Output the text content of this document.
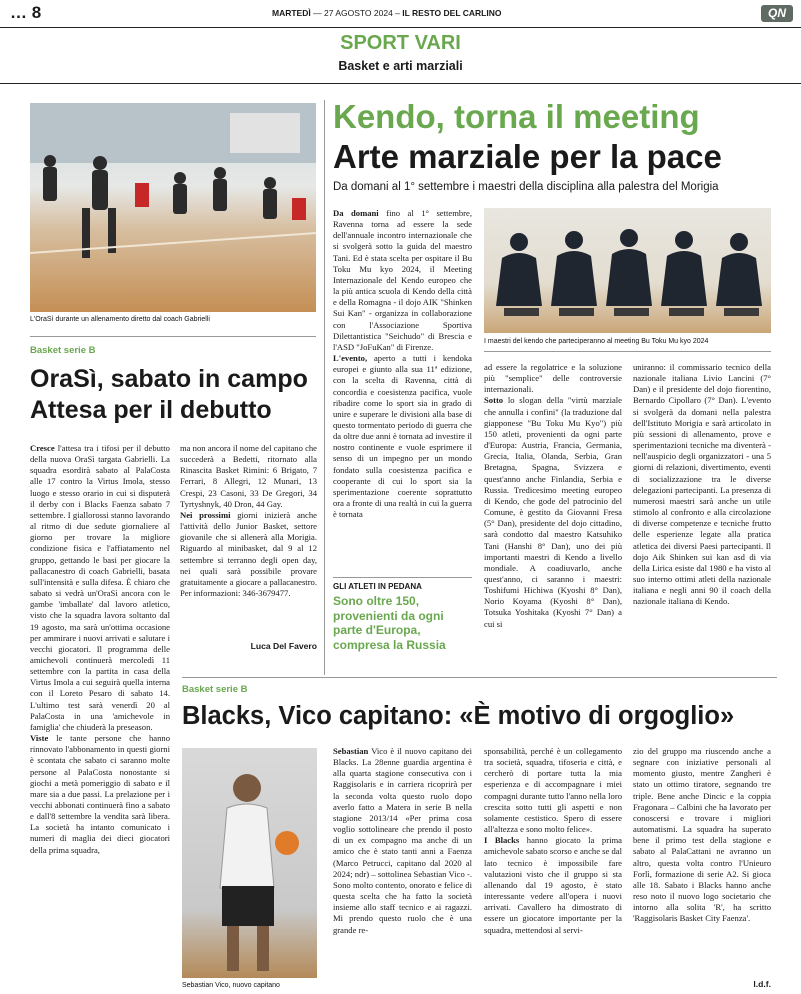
… 8	MARTEDÌ — 27 AGOSTO 2024 – IL RESTO DEL CARLINO	QN
SPORT VARI
Basket e arti marziali
L'OraSì durante un allenamento diretto dal coach Gabrielli
Basket serie B
OraSì, sabato in campo
Attesa per il debutto

Cresce l'attesa tra i tifosi per il debutto della nuova OraSì targata Gabrielli. La squadra esordirà sabato al PalaCosta alle 17 contro la Virtus Imola, stesso luogo e stesso orario in cui si disputerà il derby con i Blacks Faenza sabato 7 settembre. I giallorossi stanno lavorando al ritmo di due sedute giornaliere al giorno per trovare la migliore condizione fisica e l'affiatamento nel gruppo, gettando le basi per giocare la pallacanestro di coach Gabrielli, basata sull'intensità e sulla difesa. È chiaro che sabato si vedrà un'OraSì ancora con le gambe 'imballate' dal lavoro atletico, visto che la squadra lavora soltanto dal 19 agosto, ma sarà un'ottima occasione per ammirare i nuovi arrivati e salutare i vecchi giocatori. Il programma delle amichevoli continuerà mercoledì 11 settembre con la partita in casa della Virtus Imola a cui seguirà quella interna con il Loreto Pesaro di sabato 14. L'ultimo test sarà venerdì 20 al PalaCosta in una 'amichevole in famiglia' che chiuderà la preseason.

Viste le tante persone che hanno rinnovato l'abbonamento in questi giorni è scontata che sabato ci saranno molte persone al PalaCosta nonostante si giochi a metà pomeriggio di sabato e il mare sia a due passi. La prelazione per i vecchi abbonati continuerà fino a sabato e dall'8 settembre la vendita sarà libera. La società ha intanto comunicato i numeri di maglia dei dieci giocatori della prima squadra,

ma non ancora il nome del capitano che succederà a Bedetti, ritornato alla Rinascita Basket Rimini: 6 Brigato, 7 Ferrari, 8 Allegri, 12 Munari, 13 Crespi, 23 Casoni, 33 De Gregori, 34 Tyrtyshnyk, 40 Dron, 44 Gay.

Nei prossimi giorni inizierà anche l'attività dello Junior Basket, settore giovanile che si allenerà alla Morigia. Riguardo al minibasket, dal 9 al 12 settembre si terranno degli open day, nei quali sarà possibile provare gratuitamente a giocare a pallacanestro. Per informazioni: 346-3679477.

Luca Del Favero
Kendo, torna il meeting
Arte marziale per la pace
Da domani al 1° settembre i maestri della disciplina alla palestra del Morigia

Da domani fino al 1° settembre, Ravenna torna ad essere la sede dell'annuale incontro internazionale che si svolgerà sotto la guida del maestro Tani. Ed è stata scelta per ospitare il Bu Toku Mu kyo 2024, il Meeting Internazionale del Kendo europeo che la più antica scuola di Kendo della città e della Romagna - il dojo AIK "Shinken Sui Kan" - organizza in collaborazione con l'Associazione Sportiva Dilettantistica "Seichudo" di Brescia e l'ASD "JoFuKan" di Firenze.

L'evento, aperto a tutti i kendoka europei e giunto alla sua 11ª edizione, con la scelta di Ravenna, città di concordia e coesistenza pacifica, vuole ribadire come lo sport sia in grado di unire e superare le divisioni alla base di questo tormentato periodo di guerra che da oltre due anni è tornata ad investire il nostro continente e vuole esprimere il senso di un impegno per un mondo fondato sulla coesistenza pacifica e cooperante di cui lo sport sia la sperimentazione coerente soprattutto ora a fronte di una realtà in cui la guerra è tornata

I maestri del kendo che parteciperanno al meeting Bu Toku Mu kyo 2024

ad essere la regolatrice e la soluzione più "semplice" delle controversie internazionali.

Sotto lo slogan della "virtù marziale che annulla i confini" (la traduzione dal giapponese "Bu Toku Mu Kyo") più 150 atleti, provenienti da ogni parte d'Europa: Austria, Francia, Germania, Grecia, Italia, Olanda, Serbia, Gran Bretagna, Spagna, Svizzera e quest'anno anche Finlandia, Serbia e Russia. Tredicesimo meeting europeo di Kendo, che gode del patrocinio del Comune, è gestito da Giovanni Fresa (5° Dan), presidente del dojo cittadino, sarà condotto dal maestro Katsuhiko Tani (Hanshi 8° Dan), uno dei più importanti maestri di Kendo a livello mondiale. A coadiuvarlo, anche quest'anno, ci saranno i maestri: Toshifumi Hichiwa (Kyoshi 8° Dan), Norio Koyama (Kyoshi 8° Dan), Totsuka Yoshitaka (Kyoshi 7° Dan) a cui si

uniranno: il commissario tecnico della nazionale italiana Livio Lancini (7° Dan) e il presidente del dojo fiorentino, Bernardo Cipollaro (7° Dan). L'evento si svolgerà da domani nella palestra dell'Istituto Morigia e sarà articolato in più sessioni di allenamento, prove e sperimentazioni tecniche ma diventerà - nell'auspicio degli organizzatori - una 5 giorni di relazioni, divertimento, eventi di socializzazione tra le diverse delegazioni partecipanti. La presenza di numerosi maestri sarà anche un utile stimolo al confronto e alla circolazione di diverse competenze e tecniche frutto delle esperienze legate alla pratica atletica dei diversi Paesi partecipanti. Il dojo Aik Shinken sui kan asd di via della Lirica esiste dal 1980 e ha visto al suo interno ottimi atleti della nazionale italiana e negli anni 90 il coach della nazionale italiana di Kendo.

GLI ATLETI IN PEDANA
Sono oltre 150, provenienti da ogni parte d'Europa, compresa la Russia
Basket serie B
Blacks, Vico capitano: «È motivo di orgoglio»
Sebastian Vico, nuovo capitano

Sebastian Vico è il nuovo capitano dei Blacks. La 28enne guardia argentina è alla quarta stagione consecutiva con i Raggisolaris e in carriera ricoprirà per la seconda volta questo ruolo dopo averlo fatto a Matera in serie B nella stagione 2013/14 «Per prima cosa voglio sottolineare che prendo il posto di un ex compagno ma anche di un amico che è stato tanti anni a Faenza (Marco Petrucci, capitano dal 2020 al 2024; ndr) – sottolinea Sebastian Vico -. Sono molto contento, onorato e felice di questa scelta che ha fatto la società insieme allo staff tecnico e ai ragazzi. Mi prendo questo ruolo che è una grande re-

sponsabilità, perché è un collegamento tra società, squadra, tifoseria e città, e cercherò di portare tutta la mia esperienza e di accompagnare i miei compagni durante tutto l'anno nella loro crescita sotto tutti gli aspetti e non solamente cestistico. Spero di essere all'altezza e sono molto felice».

I Blacks hanno giocato la prima amichevole sabato scorso e anche se dal lato tecnico è impossibile fare valutazioni visto che il gruppo si sta allenando dal 19 agosto, è stato interessante vedere all'opera i nuovi arrivati. Cavallero ha dimostrato di essere un giocatore importante per la squadra, mettendosi al servi-

zio del gruppo ma riuscendo anche a segnare con iniziative personali al momento giusto, mentre Zangheri è stato un ottimo tiratore, segnando tre triple. Bene anche Dincic e la coppia Fragonara – Calbini che ha lavorato per conoscersi e trovare i migliori automatismi. La squadra ha superato bene il primo test della stagione e sabato al PalaCattani ne avranno un altro, questa volta contro l'Unieuro Forlì, formazione di serie A2. Si gioca alle 18. Sabato i Blacks hanno anche reso noto il nuovo logo societario che intorno alla solita 'R', ha scritto 'Raggisolaris Basket City Faenza'.

l.d.f.
